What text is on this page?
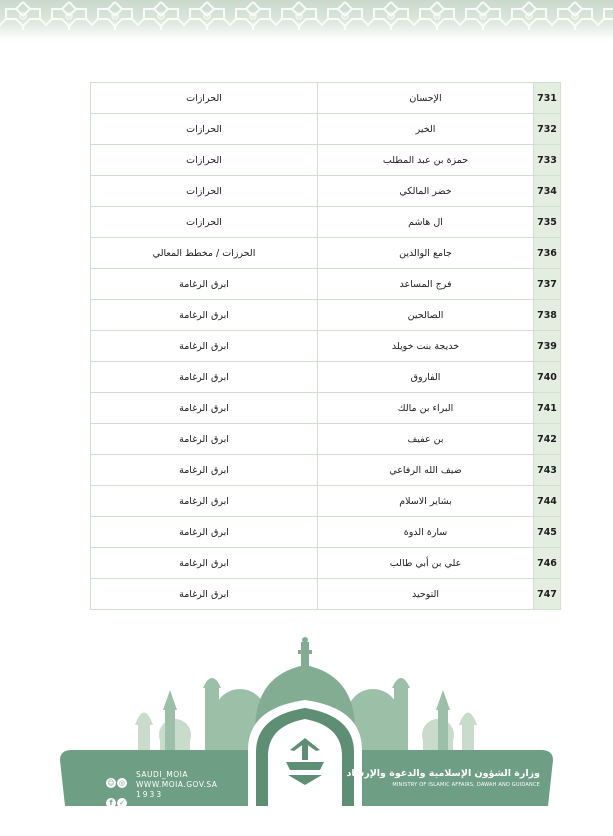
731	الإحسان	الحرازات
732	الخير	الحرازات
733	حمزة بن عبد المطلب	الحرازات
734	خضر المالكي	الحرازات
735	ال هاشم	الحرازات
736	جامع الوالدين	الحرزات / مخطط المعالي
737	فرج المساعد	ابرق الرغامة
738	الصالحين	ابرق الرغامة
739	خديجة بنت خويلد	ابرق الرغامة
740	الفاروق	ابرق الرغامة
741	البراء بن مالك	ابرق الرغامة
742	بن عفيف	ابرق الرغامة
743	ضيف الله الرفاعي	ابرق الرغامة
744	بشاير الاسلام	ابرق الرغامة
745	سارة الدوة	ابرق الرغامة
746	علي بن أبي طالب	ابرق الرغامة
747	التوحيد	ابرق الرغامة
☺ ◎f ✓
SAUDI_MOIA
WWW.MOIA.GOV.SA
1933
وزارة الشؤون الإسلامية والدعوة والإرشاد
MINISTRY OF ISLAMIC AFFAIRS, DAWAH AND GUIDANCE
